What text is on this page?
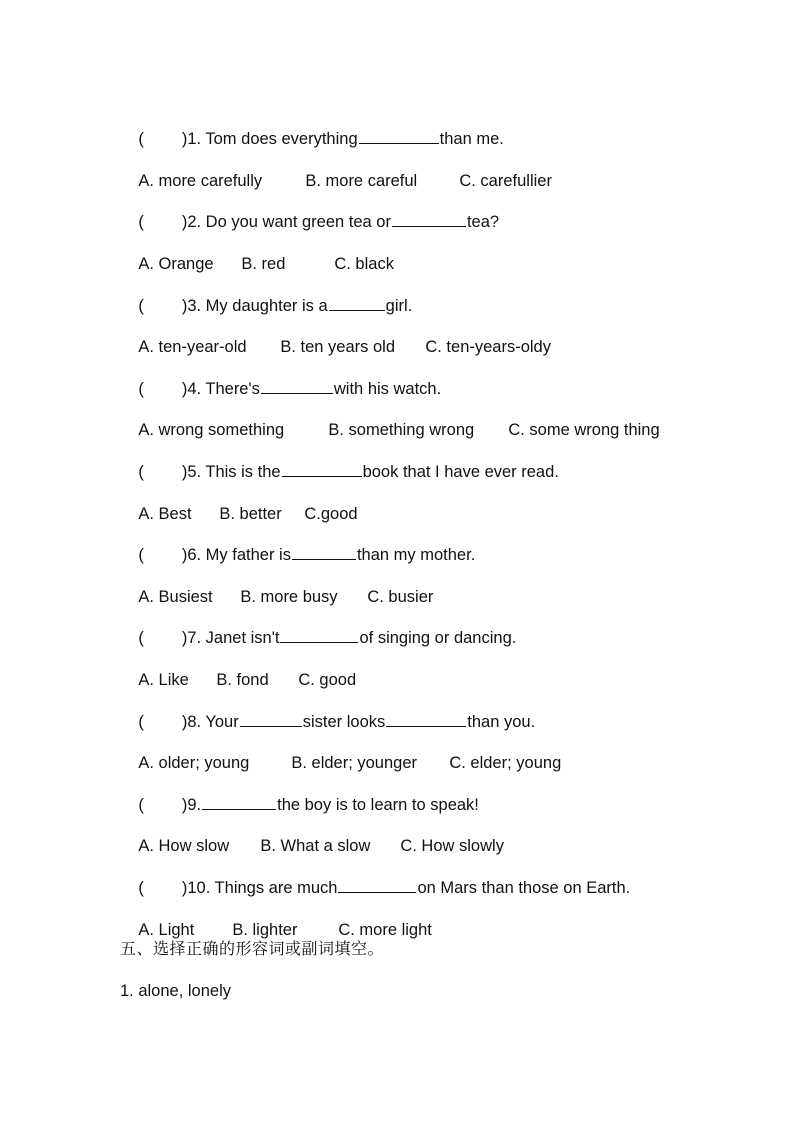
( )1. Tom does everything	than me.

A. more carefully	B. more careful	C. carefullier

( )2. Do you want green tea or	tea?

A. Orange B. red	C. black

( )3. My daughter is a	girl.

A. ten-year-old B. ten years old C. ten-years-oldy

( )4. There's	with his watch.

A. wrong something	B. something wrong C. some wrong thing

( )5. This is the	book that I have ever read.

A. Best B. better C.good

( )6. My father is	than my mother.

A. Busiest B. more busy C. busier

( )7. Janet isn't	of singing or dancing.

A. Like B. fond C. good

( )8. Your	sister looks	than you.

A. older; young	B. elder; younger C. elder; young

( )9.	the boy is to learn to speak!

A. How slow B. What a slow C. How slowly

( )10. Things are much	on Mars than those on Earth.

A. Light B. lighter C. more light

五、选择正确的形容词或副词填空。
1. alone, lonely
